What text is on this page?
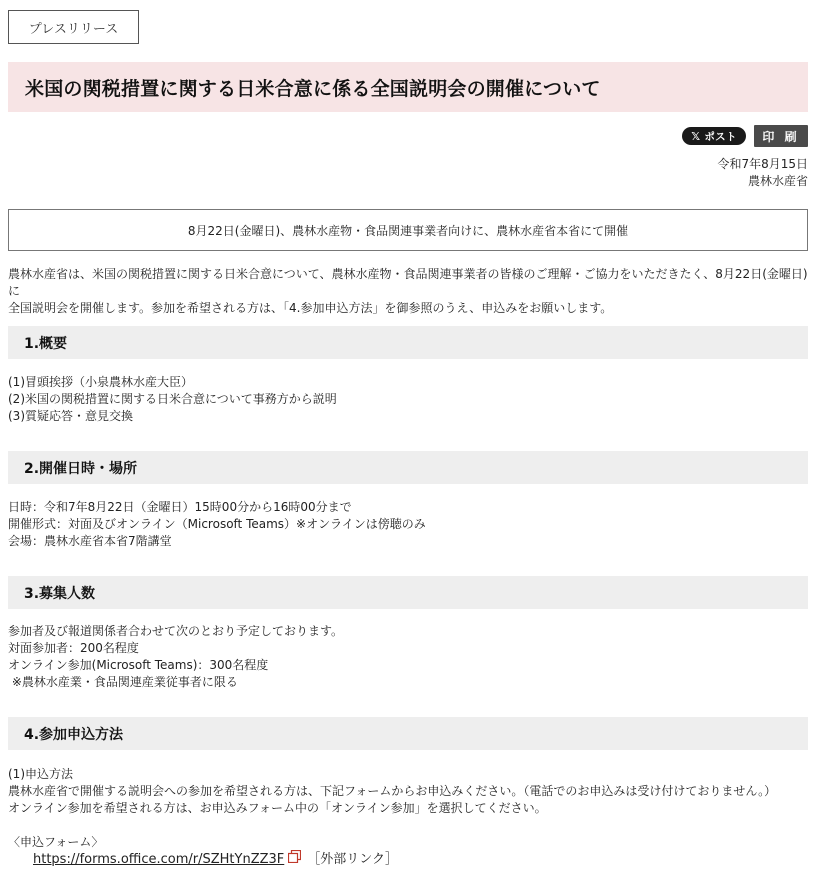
プレスリリース
米国の関税措置に関する日米合意に係る全国説明会の開催について
𝕏 ポスト	印 刷
令和7年8月15日
農林水産省
8月22日(金曜日)、農林水産物・食品関連事業者向けに、農林水産省本省にて開催
農林水産省は、米国の関税措置に関する日米合意について、農林水産物・食品関連事業者の皆様のご理解・ご協力をいただきたく、8月22日(金曜日)に
全国説明会を開催します。参加を希望される方は、「4.参加申込方法」を御参照のうえ、申込みをお願いします。
1.概要
(1)冒頭挨拶（小泉農林水産大臣）
(2)米国の関税措置に関する日米合意について事務方から説明
(3)質疑応答・意見交換
2.開催日時・場所
日時：令和7年8月22日（金曜日）15時00分から16時00分まで
開催形式：対面及びオンライン（Microsoft Teams）※オンラインは傍聴のみ
会場：農林水産省本省7階講堂
3.募集人数
参加者及び報道関係者合わせて次のとおり予定しております。
対面参加者：200名程度
オンライン参加(Microsoft Teams)：300名程度
※農林水産業・食品関連産業従事者に限る
4.参加申込方法
(1)申込方法
農林水産省で開催する説明会への参加を希望される方は、下記フォームからお申込みください。（電話でのお申込みは受け付けておりません。）
オンライン参加を希望される方は、お申込みフォーム中の「オンライン参加」を選択してください。
〈申込フォーム〉
https://forms.office.com/r/SZHtYnZZ3F ［外部リンク］
